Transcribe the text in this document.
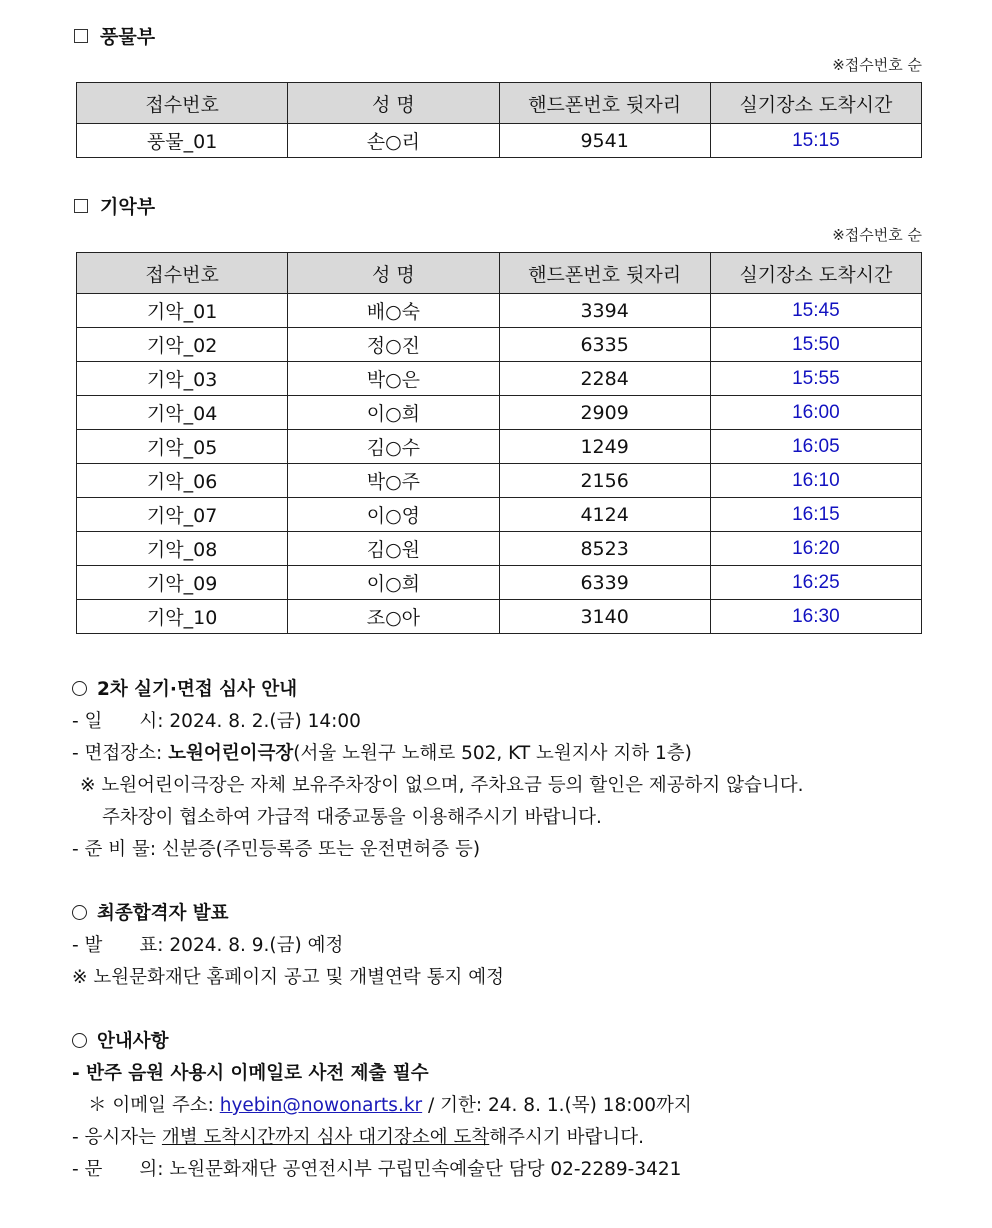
풍물부
※접수번호 순
접수번호	성 명	핸드폰번호 뒷자리	실기장소 도착시간
풍물_01	손○리	9541	15:15
기악부
※접수번호 순
접수번호	성 명	핸드폰번호 뒷자리	실기장소 도착시간
기악_01	배○숙	3394	15:45
기악_02	정○진	6335	15:50
기악_03	박○은	2284	15:55
기악_04	이○희	2909	16:00
기악_05	김○수	1249	16:05
기악_06	박○주	2156	16:10
기악_07	이○영	4124	16:15
기악_08	김○원	8523	16:20
기악_09	이○희	6339	16:25
기악_10	조○아	3140	16:30
2차 실기·면접 심사 안내
- 일　　시: 2024. 8. 2.(금) 14:00
- 면접장소: 노원어린이극장(서울 노원구 노해로 502, KT 노원지사 지하 1층)
※ 노원어린이극장은 자체 보유주차장이 없으며, 주차요금 등의 할인은 제공하지 않습니다.
주차장이 협소하여 가급적 대중교통을 이용해주시기 바랍니다.
- 준 비 물: 신분증(주민등록증 또는 운전면허증 등)
최종합격자 발표
- 발　　표: 2024. 8. 9.(금) 예정
※ 노원문화재단 홈페이지 공고 및 개별연락 통지 예정
안내사항
- 반주 음원 사용시 이메일로 사전 제출 필수
＊ 이메일 주소: hyebin@nowonarts.kr / 기한: 24. 8. 1.(목) 18:00까지
- 응시자는 개별 도착시간까지 심사 대기장소에 도착해주시기 바랍니다.
- 문　　의: 노원문화재단 공연전시부 구립민속예술단 담당 02-2289-3421
